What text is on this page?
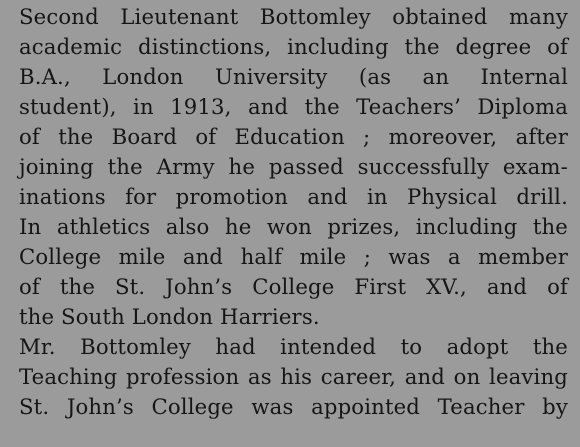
Second Lieutenant Bottomley obtained many
academic distinctions, including the degree of
B.A., London University (as an Internal
student), in 1913, and the Teachers’ Diploma
of the Board of Education ; moreover, after
joining the Army he passed successfully exam-
inations for promotion and in Physical drill.
In athletics also he won prizes, including the
College mile and half mile ; was a member
of the St. John’s College First XV., and of
the South London Harriers.
Mr. Bottomley had intended to adopt the
Teaching profession as his career, and on leaving
St. John’s College was appointed Teacher by
